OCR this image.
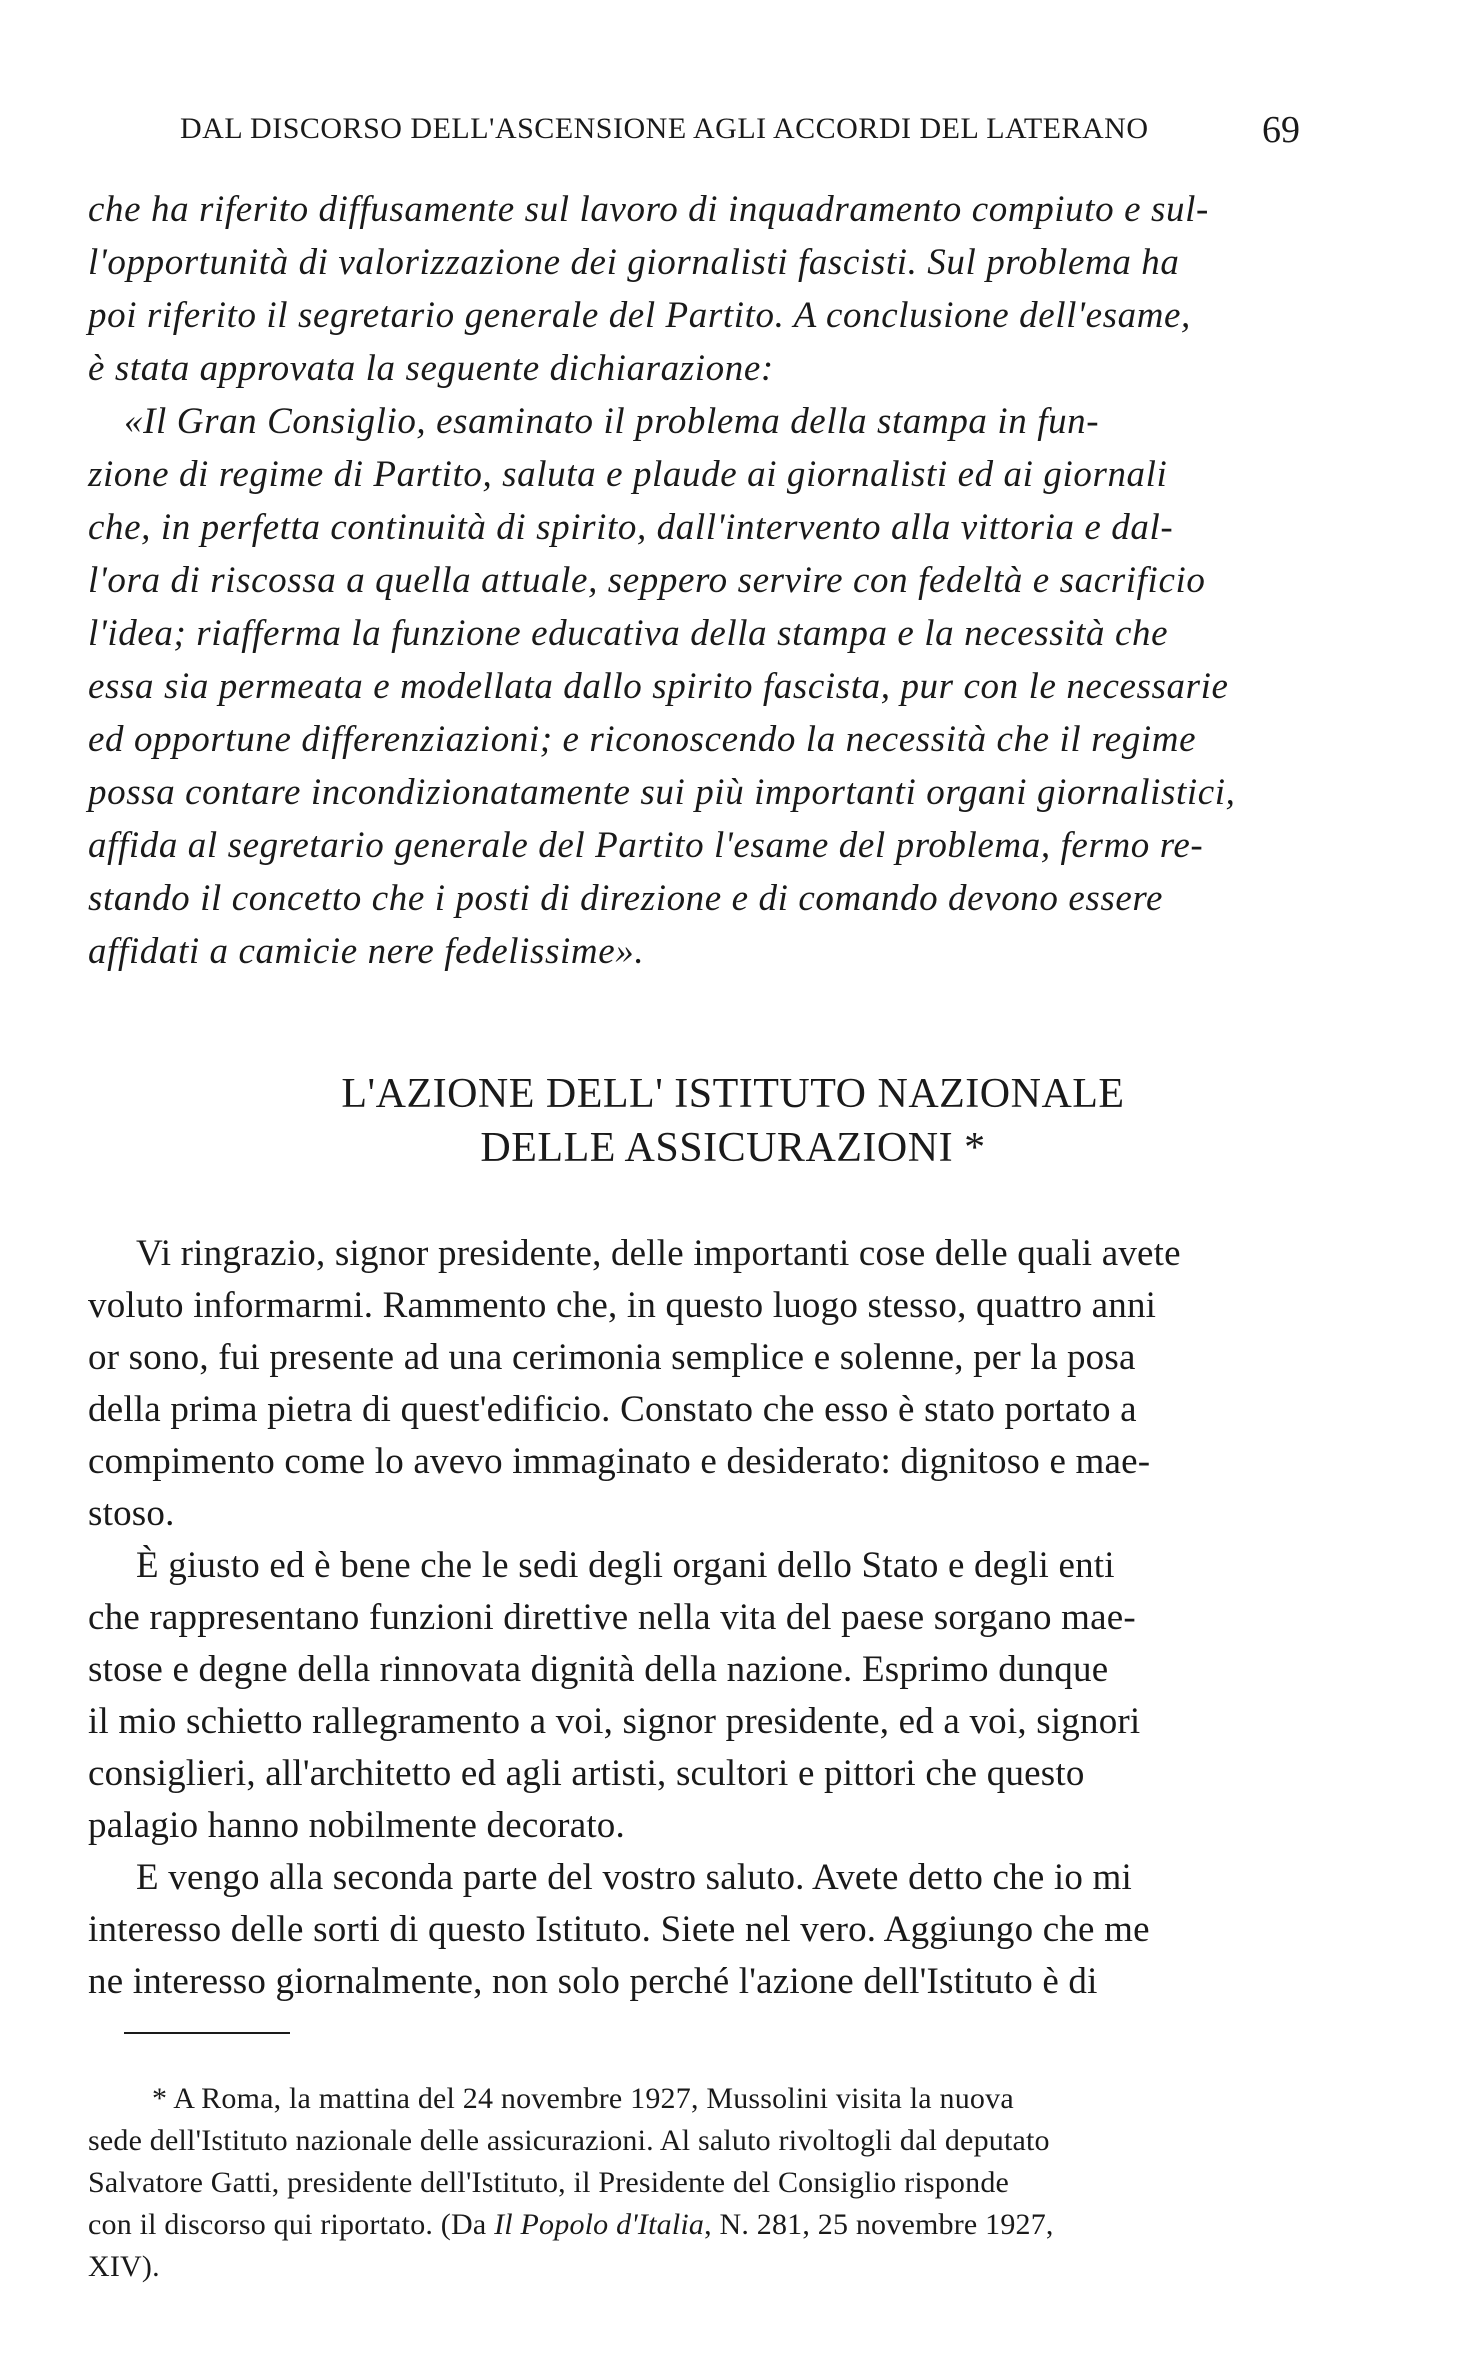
DAL DISCORSO DELL'ASCENSIONE AGLI ACCORDI DEL LATERANO	69
che ha riferito diffusamente sul lavoro di inquadramento compiuto e sul-
l'opportunità di valorizzazione dei giornalisti fascisti. Sul problema ha
poi riferito il segretario generale del Partito. A conclusione dell'esame,
è stata approvata la seguente dichiarazione:
«Il Gran Consiglio, esaminato il problema della stampa in fun-
zione di regime di Partito, saluta e plaude ai giornalisti ed ai giornali
che, in perfetta continuità di spirito, dall'intervento alla vittoria e dal-
l'ora di riscossa a quella attuale, seppero servire con fedeltà e sacrificio
l'idea; riafferma la funzione educativa della stampa e la necessità che
essa sia permeata e modellata dallo spirito fascista, pur con le necessarie
ed opportune differenziazioni; e riconoscendo la necessità che il regime
possa contare incondizionatamente sui più importanti organi giornalistici,
affida al segretario generale del Partito l'esame del problema, fermo re-
stando il concetto che i posti di direzione e di comando devono essere
affidati a camicie nere fedelissime».
L'AZIONE DELL' ISTITUTO NAZIONALE
DELLE ASSICURAZIONI *
Vi ringrazio, signor presidente, delle importanti cose delle quali avete
voluto informarmi. Rammento che, in questo luogo stesso, quattro anni
or sono, fui presente ad una cerimonia semplice e solenne, per la posa
della prima pietra di quest'edificio. Constato che esso è stato portato a
compimento come lo avevo immaginato e desiderato: dignitoso e mae-
stoso.
È giusto ed è bene che le sedi degli organi dello Stato e degli enti
che rappresentano funzioni direttive nella vita del paese sorgano mae-
stose e degne della rinnovata dignità della nazione. Esprimo dunque
il mio schietto rallegramento a voi, signor presidente, ed a voi, signori
consiglieri, all'architetto ed agli artisti, scultori e pittori che questo
palagio hanno nobilmente decorato.
E vengo alla seconda parte del vostro saluto. Avete detto che io mi
interesso delle sorti di questo Istituto. Siete nel vero. Aggiungo che me
ne interesso giornalmente, non solo perché l'azione dell'Istituto è di
* A Roma, la mattina del 24 novembre 1927, Mussolini visita la nuova
sede dell'Istituto nazionale delle assicurazioni. Al saluto rivoltogli dal deputato
Salvatore Gatti, presidente dell'Istituto, il Presidente del Consiglio risponde
con il discorso qui riportato. (Da Il Popolo d'Italia, N. 281, 25 novembre 1927,
XIV).
